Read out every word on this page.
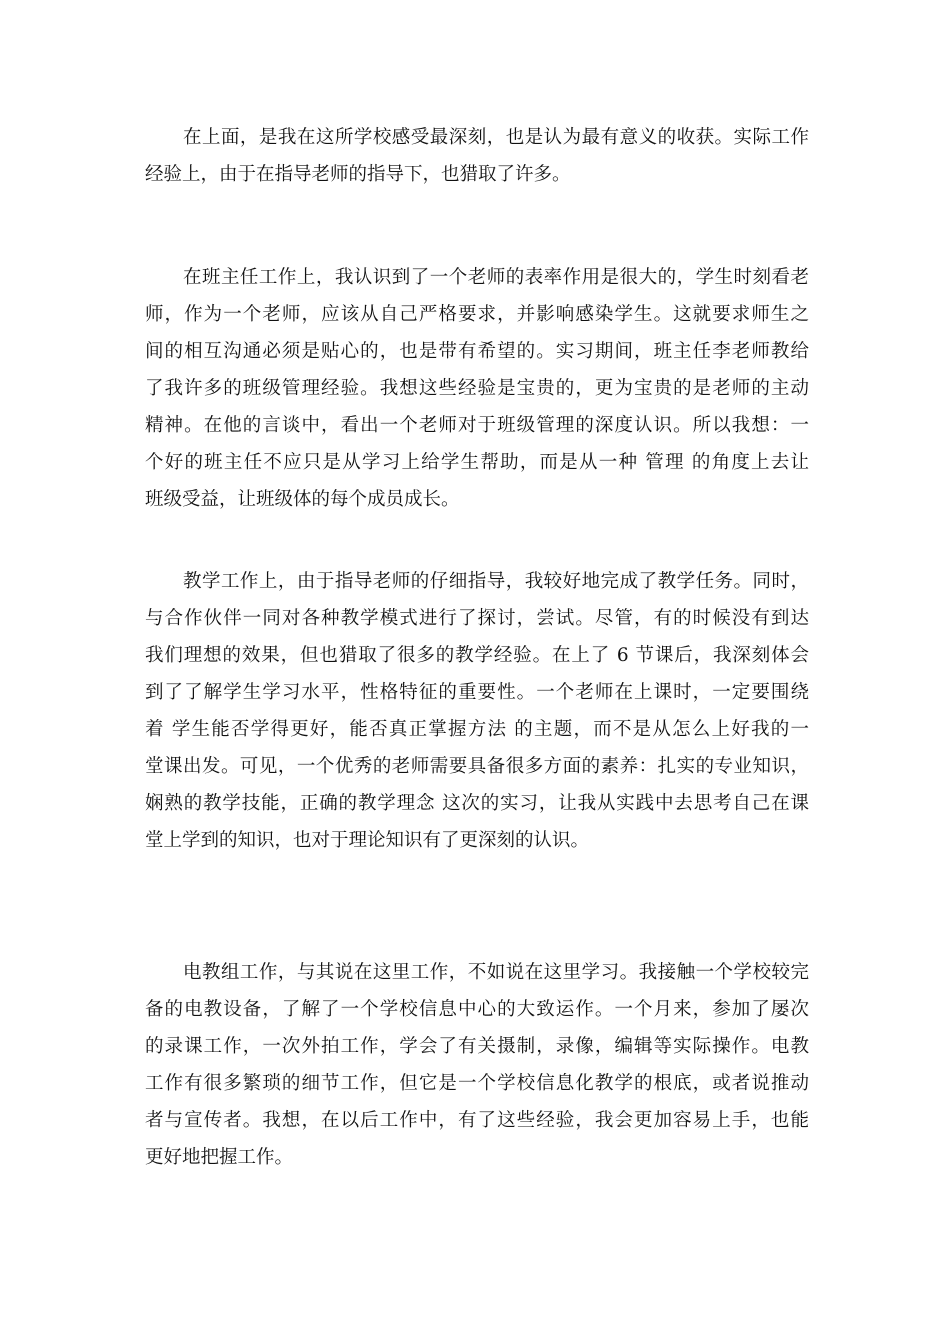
　　在上面，是我在这所学校感受最深刻，也是认为最有意义的收获。实际工作
经验上，由于在指导老师的指导下，也猎取了许多。
　　在班主任工作上，我认识到了一个老师的表率作用是很大的，学生时刻看老
师，作为一个老师，应该从自己严格要求，并影响感染学生。这就要求师生之
间的相互沟通必须是贴心的，也是带有希望的。实习期间，班主任李老师教给
了我许多的班级管理经验。我想这些经验是宝贵的，更为宝贵的是老师的主动
精神。在他的言谈中，看出一个老师对于班级管理的深度认识。所以我想：一
个好的班主任不应只是从学习上给学生帮助，而是从一种 管理 的角度上去让
班级受益，让班级体的每个成员成长。
　　教学工作上，由于指导老师的仔细指导，我较好地完成了教学任务。同时，
与合作伙伴一同对各种教学模式进行了探讨，尝试。尽管，有的时候没有到达
我们理想的效果，但也猎取了很多的教学经验。在上了 6 节课后，我深刻体会
到了了解学生学习水平，性格特征的重要性。一个老师在上课时，一定要围绕
着 学生能否学得更好，能否真正掌握方法 的主题，而不是从怎么上好我的一
堂课出发。可见，一个优秀的老师需要具备很多方面的素养：扎实的专业知识，
娴熟的教学技能，正确的教学理念 这次的实习，让我从实践中去思考自己在课
堂上学到的知识，也对于理论知识有了更深刻的认识。
　　电教组工作，与其说在这里工作，不如说在这里学习。我接触一个学校较完
备的电教设备，了解了一个学校信息中心的大致运作。一个月来，参加了屡次
的录课工作，一次外拍工作，学会了有关摄制，录像，编辑等实际操作。电教
工作有很多繁琐的细节工作，但它是一个学校信息化教学的根底，或者说推动
者与宣传者。我想，在以后工作中，有了这些经验，我会更加容易上手，也能
更好地把握工作。
